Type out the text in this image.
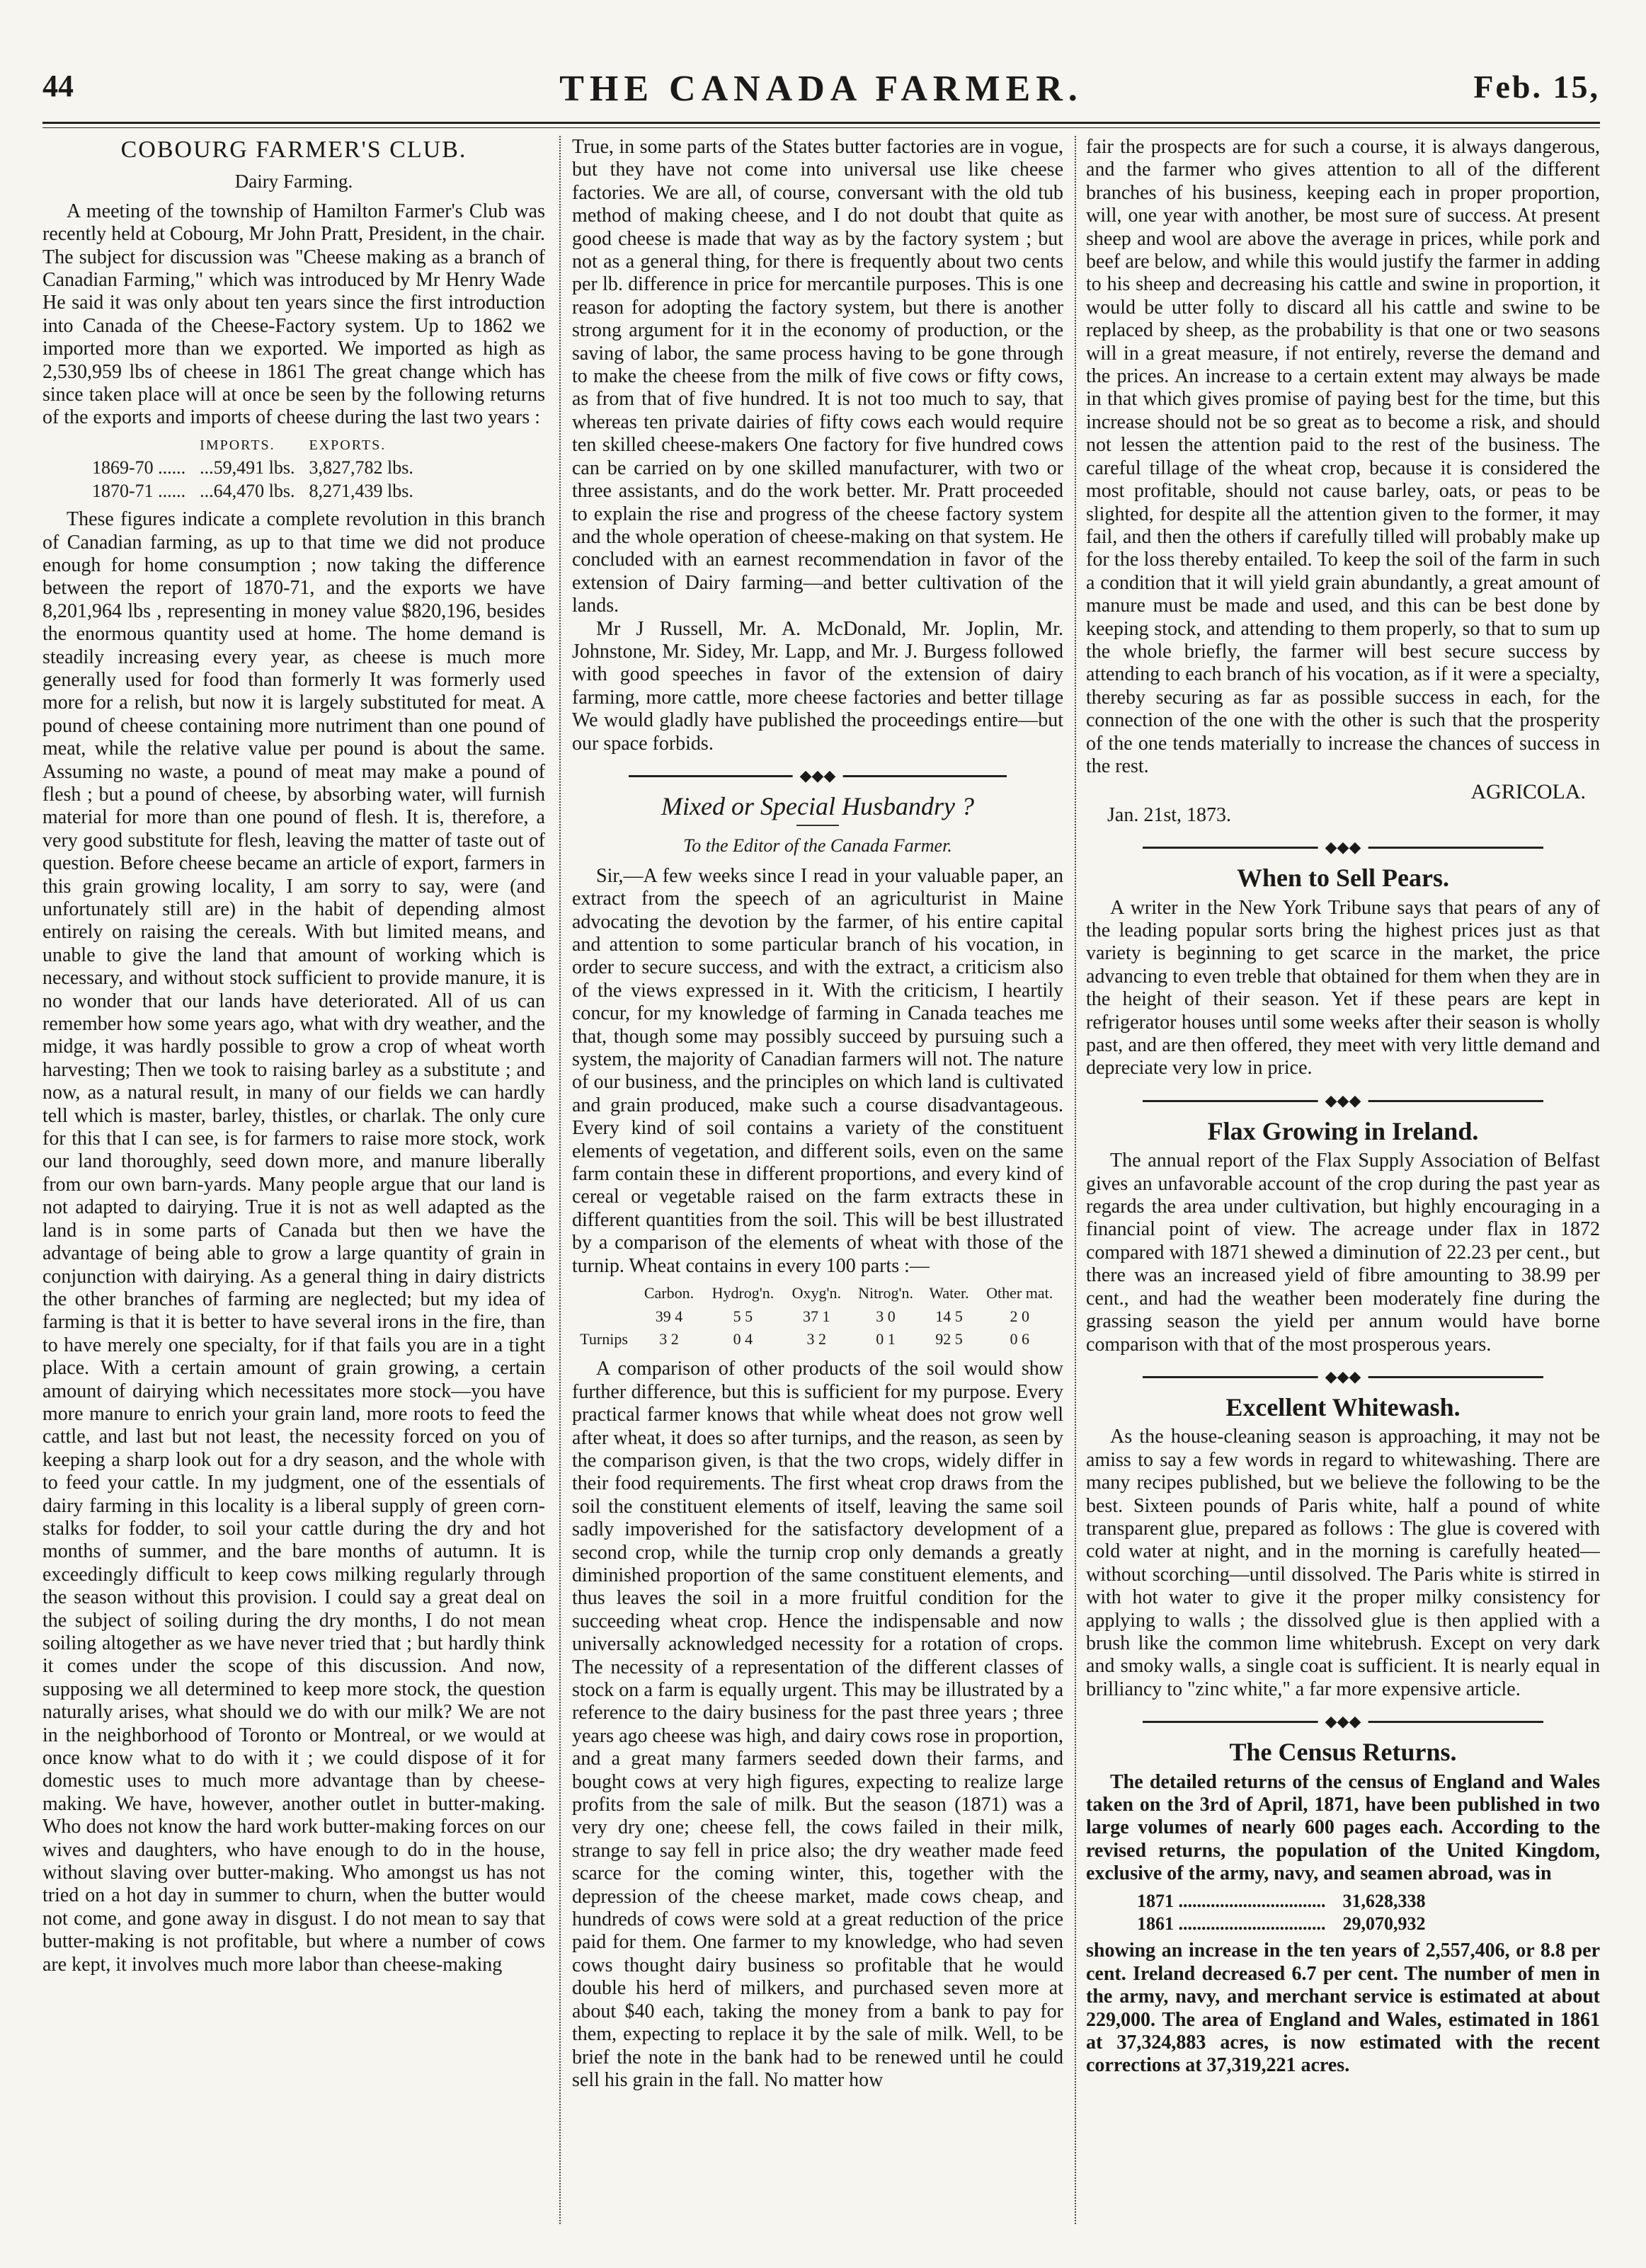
44	THE CANADA FARMER.	Feb. 15,
COBOURG FARMER'S CLUB.
Dairy Farming.

A meeting of the township of Hamilton Farmer's Club was recently held at Cobourg, Mr John Pratt, President, in the chair. The subject for discussion was "Cheese making as a branch of Canadian Farming," which was introduced by Mr Henry Wade He said it was only about ten years since the first introduction into Canada of the Cheese-Factory system. Up to 1862 we imported more than we exported. We imported as high as 2,530,959 lbs of cheese in 1861 The great change which has since taken place will at once be seen by the following returns of the exports and imports of cheese during the last two years :

	IMPORTS.	EXPORTS.
1869-70 ......	...59,491 lbs.	3,827,782 lbs.
1870-71 ......	...64,470 lbs.	8,271,439 lbs.

These figures indicate a complete revolution in this branch of Canadian farming, as up to that time we did not produce enough for home consumption ; now taking the difference between the report of 1870-71, and the exports we have 8,201,964 lbs , representing in money value $820,196, besides the enormous quantity used at home. The home demand is steadily increasing every year, as cheese is much more generally used for food than formerly It was formerly used more for a relish, but now it is largely substituted for meat. A pound of cheese containing more nutriment than one pound of meat, while the relative value per pound is about the same. Assuming no waste, a pound of meat may make a pound of flesh ; but a pound of cheese, by absorbing water, will furnish material for more than one pound of flesh. It is, therefore, a very good substitute for flesh, leaving the matter of taste out of question. Before cheese became an article of export, farmers in this grain growing locality, I am sorry to say, were (and unfortunately still are) in the habit of depending almost entirely on raising the cereals. With but limited means, and unable to give the land that amount of working which is necessary, and without stock sufficient to provide manure, it is no wonder that our lands have deteriorated. All of us can remember how some years ago, what with dry weather, and the midge, it was hardly possible to grow a crop of wheat worth harvesting; Then we took to raising barley as a substitute ; and now, as a natural result, in many of our fields we can hardly tell which is master, barley, thistles, or charlak. The only cure for this that I can see, is for farmers to raise more stock, work our land thoroughly, seed down more, and manure liberally from our own barn-yards. Many people argue that our land is not adapted to dairying. True it is not as well adapted as the land is in some parts of Canada but then we have the advantage of being able to grow a large quantity of grain in conjunction with dairying. As a general thing in dairy districts the other branches of farming are neglected; but my idea of farming is that it is better to have several irons in the fire, than to have merely one specialty, for if that fails you are in a tight place. With a certain amount of grain growing, a certain amount of dairying which necessitates more stock—you have more manure to enrich your grain land, more roots to feed the cattle, and last but not least, the necessity forced on you of keeping a sharp look out for a dry season, and the whole with to feed your cattle. In my judgment, one of the essentials of dairy farming in this locality is a liberal supply of green corn-stalks for fodder, to soil your cattle during the dry and hot months of summer, and the bare months of autumn. It is exceedingly difficult to keep cows milking regularly through the season without this provision. I could say a great deal on the subject of soiling during the dry months, I do not mean soiling altogether as we have never tried that ; but hardly think it comes under the scope of this discussion. And now, supposing we all determined to keep more stock, the question naturally arises, what should we do with our milk? We are not in the neighborhood of Toronto or Montreal, or we would at once know what to do with it ; we could dispose of it for domestic uses to much more advantage than by cheese-making. We have, however, another outlet in butter-making. Who does not know the hard work butter-making forces on our wives and daughters, who have enough to do in the house, without slaving over butter-making. Who amongst us has not tried on a hot day in summer to churn, when the butter would not come, and gone away in disgust. I do not mean to say that butter-making is not profitable, but where a number of cows are kept, it involves much more labor than cheese-making

True, in some parts of the States butter factories are in vogue, but they have not come into universal use like cheese factories. We are all, of course, conversant with the old tub method of making cheese, and I do not doubt that quite as good cheese is made that way as by the factory system ; but not as a general thing, for there is frequently about two cents per lb. difference in price for mercantile purposes. This is one reason for adopting the factory system, but there is another strong argument for it in the economy of production, or the saving of labor, the same process having to be gone through to make the cheese from the milk of five cows or fifty cows, as from that of five hundred. It is not too much to say, that whereas ten private dairies of fifty cows each would require ten skilled cheese-makers One factory for five hundred cows can be carried on by one skilled manufacturer, with two or three assistants, and do the work better. Mr. Pratt proceeded to explain the rise and progress of the cheese factory system and the whole operation of cheese-making on that system. He concluded with an earnest recommendation in favor of the extension of Dairy farming—and better cultivation of the lands.

Mr J Russell, Mr. A. McDonald, Mr. Joplin, Mr. Johnstone, Mr. Sidey, Mr. Lapp, and Mr. J. Burgess followed with good speeches in favor of the extension of dairy farming, more cattle, more cheese factories and better tillage We would gladly have published the proceedings entire—but our space forbids.

◆◆◆
Mixed or Special Husbandry ?
To the Editor of the Canada Farmer.

Sir,—A few weeks since I read in your valuable paper, an extract from the speech of an agriculturist in Maine advocating the devotion by the farmer, of his entire capital and attention to some particular branch of his vocation, in order to secure success, and with the extract, a criticism also of the views expressed in it. With the criticism, I heartily concur, for my knowledge of farming in Canada teaches me that, though some may possibly succeed by pursuing such a system, the majority of Canadian farmers will not. The nature of our business, and the principles on which land is cultivated and grain produced, make such a course disadvantageous. Every kind of soil contains a variety of the constituent elements of vegetation, and different soils, even on the same farm contain these in different proportions, and every kind of cereal or vegetable raised on the farm extracts these in different quantities from the soil. This will be best illustrated by a comparison of the elements of wheat with those of the turnip. Wheat contains in every 100 parts :—

	Carbon.	Hydrog'n.	Oxyg'n.	Nitrog'n.	Water.	Other mat.
	39 4	5 5	37 1	3 0	14 5	2 0
Turnips	3 2	0 4	3 2	0 1	92 5	0 6

A comparison of other products of the soil would show further difference, but this is sufficient for my purpose. Every practical farmer knows that while wheat does not grow well after wheat, it does so after turnips, and the reason, as seen by the comparison given, is that the two crops, widely differ in their food requirements. The first wheat crop draws from the soil the constituent elements of itself, leaving the same soil sadly impoverished for the satisfactory development of a second crop, while the turnip crop only demands a greatly diminished proportion of the same constituent elements, and thus leaves the soil in a more fruitful condition for the succeeding wheat crop. Hence the indispensable and now universally acknowledged necessity for a rotation of crops. The necessity of a representation of the different classes of stock on a farm is equally urgent. This may be illustrated by a reference to the dairy business for the past three years ; three years ago cheese was high, and dairy cows rose in proportion, and a great many farmers seeded down their farms, and bought cows at very high figures, expecting to realize large profits from the sale of milk. But the season (1871) was a very dry one; cheese fell, the cows failed in their milk, strange to say fell in price also; the dry weather made feed scarce for the coming winter, this, together with the depression of the cheese market, made cows cheap, and hundreds of cows were sold at a great reduction of the price paid for them. One farmer to my knowledge, who had seven cows thought dairy business so profitable that he would double his herd of milkers, and purchased seven more at about $40 each, taking the money from a bank to pay for them, expecting to replace it by the sale of milk. Well, to be brief the note in the bank had to be renewed until he could sell his grain in the fall. No matter how

fair the prospects are for such a course, it is always dangerous, and the farmer who gives attention to all of the different branches of his business, keeping each in proper proportion, will, one year with another, be most sure of success. At present sheep and wool are above the average in prices, while pork and beef are below, and while this would justify the farmer in adding to his sheep and decreasing his cattle and swine in proportion, it would be utter folly to discard all his cattle and swine to be replaced by sheep, as the probability is that one or two seasons will in a great measure, if not entirely, reverse the demand and the prices. An increase to a certain extent may always be made in that which gives promise of paying best for the time, but this increase should not be so great as to become a risk, and should not lessen the attention paid to the rest of the business. The careful tillage of the wheat crop, because it is considered the most profitable, should not cause barley, oats, or peas to be slighted, for despite all the attention given to the former, it may fail, and then the others if carefully tilled will probably make up for the loss thereby entailed. To keep the soil of the farm in such a condition that it will yield grain abundantly, a great amount of manure must be made and used, and this can be best done by keeping stock, and attending to them properly, so that to sum up the whole briefly, the farmer will best secure success by attending to each branch of his vocation, as if it were a specialty, thereby securing as far as possible success in each, for the connection of the one with the other is such that the prosperity of the one tends materially to increase the chances of success in the rest.

AGRICOLA.
Jan. 21st, 1873.
◆◆◆
When to Sell Pears.

A writer in the New York Tribune says that pears of any of the leading popular sorts bring the highest prices just as that variety is beginning to get scarce in the market, the price advancing to even treble that obtained for them when they are in the height of their season. Yet if these pears are kept in refrigerator houses until some weeks after their season is wholly past, and are then offered, they meet with very little demand and depreciate very low in price.

◆◆◆
Flax Growing in Ireland.

The annual report of the Flax Supply Association of Belfast gives an unfavorable account of the crop during the past year as regards the area under cultivation, but highly encouraging in a financial point of view. The acreage under flax in 1872 compared with 1871 shewed a diminution of 22.23 per cent., but there was an increased yield of fibre amounting to 38.99 per cent., and had the weather been moderately fine during the grassing season the yield per annum would have borne comparison with that of the most prosperous years.

◆◆◆
Excellent Whitewash.

As the house-cleaning season is approaching, it may not be amiss to say a few words in regard to whitewashing. There are many recipes published, but we believe the following to be the best. Sixteen pounds of Paris white, half a pound of white transparent glue, prepared as follows : The glue is covered with cold water at night, and in the morning is carefully heated—without scorching—until dissolved. The Paris white is stirred in with hot water to give it the proper milky consistency for applying to walls ; the dissolved glue is then applied with a brush like the common lime whitebrush. Except on very dark and smoky walls, a single coat is sufficient. It is nearly equal in brilliancy to "zinc white," a far more expensive article.

◆◆◆
The Census Returns.

The detailed returns of the census of England and Wales taken on the 3rd of April, 1871, have been published in two large volumes of nearly 600 pages each. According to the revised returns, the population of the United Kingdom, exclusive of the army, navy, and seamen abroad, was in

1871 ................................	31,628,338
1861 ................................	29,070,932

showing an increase in the ten years of 2,557,406, or 8.8 per cent. Ireland decreased 6.7 per cent. The number of men in the army, navy, and merchant service is estimated at about 229,000. The area of England and Wales, estimated in 1861 at 37,324,883 acres, is now estimated with the recent corrections at 37,319,221 acres.
